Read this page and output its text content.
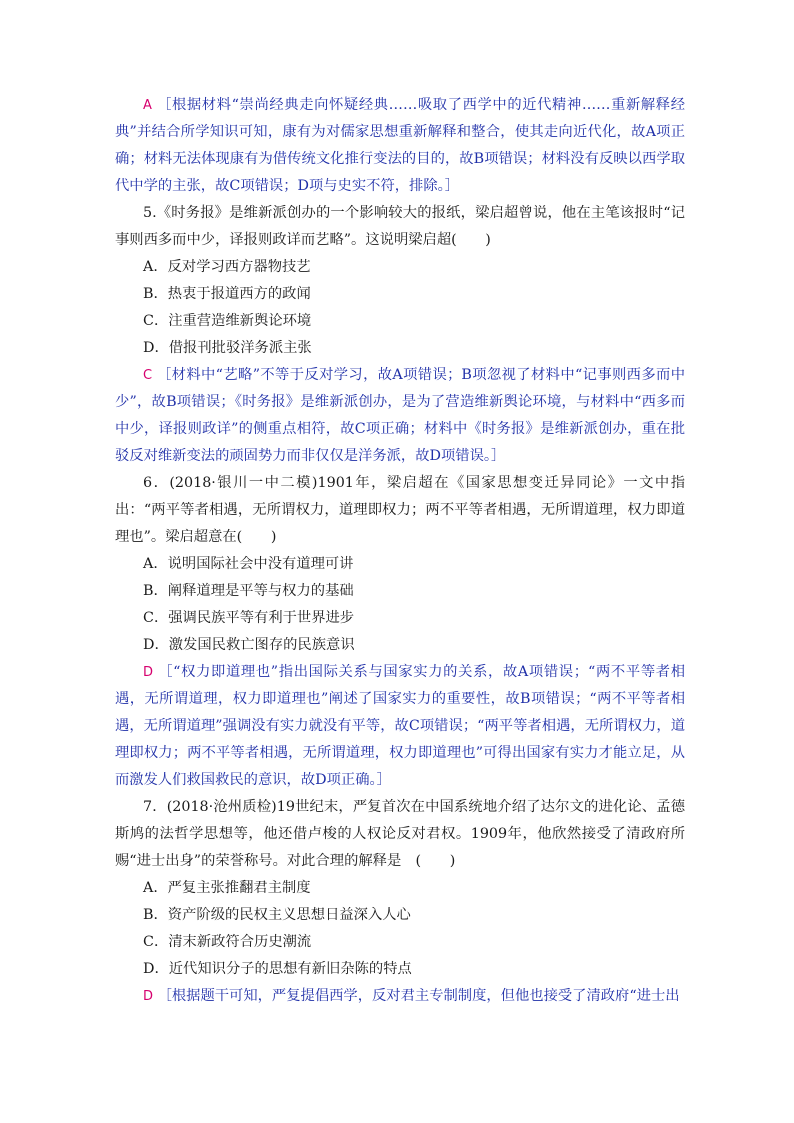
A ［根据材料“崇尚经典走向怀疑经典……吸取了西学中的近代精神……重新解释经典”并结合所学知识可知，康有为对儒家思想重新解释和整合，使其走向近代化，故A项正确；材料无法体现康有为借传统文化推行变法的目的，故B项错误；材料没有反映以西学取代中学的主张，故C项错误；D项与史实不符，排除。］

5.《时务报》是维新派创办的一个影响较大的报纸，梁启超曾说，他在主笔该报时“记事则西多而中少，译报则政详而艺略”。这说明梁启超(　　)

A．反对学习西方器物技艺

B．热衷于报道西方的政闻

C．注重营造维新舆论环境

D．借报刊批驳洋务派主张

C ［材料中“艺略”不等于反对学习，故A项错误；B项忽视了材料中“记事则西多而中少”，故B项错误；《时务报》是维新派创办，是为了营造维新舆论环境，与材料中“西多而中少，译报则政详”的侧重点相符，故C项正确；材料中《时务报》是维新派创办，重在批驳反对维新变法的顽固势力而非仅仅是洋务派，故D项错误。］

6．(2018·银川一中二模)1901年，梁启超在《国家思想变迁异同论》一文中指出：“两平等者相遇，无所谓权力，道理即权力；两不平等者相遇，无所谓道理，权力即道理也”。梁启超意在(　　)

A．说明国际社会中没有道理可讲

B．阐释道理是平等与权力的基础

C．强调民族平等有利于世界进步

D．激发国民救亡图存的民族意识

D ［“权力即道理也”指出国际关系与国家实力的关系，故A项错误；“两不平等者相遇，无所谓道理，权力即道理也”阐述了国家实力的重要性，故B项错误；“两不平等者相遇，无所谓道理”强调没有实力就没有平等，故C项错误；“两平等者相遇，无所谓权力，道理即权力；两不平等者相遇，无所谓道理，权力即道理也”可得出国家有实力才能立足，从而激发人们救国救民的意识，故D项正确。］

7．(2018·沧州质检)19世纪末，严复首次在中国系统地介绍了达尔文的进化论、孟德斯鸠的法哲学思想等，他还借卢梭的人权论反对君权。1909年，他欣然接受了清政府所赐“进士出身”的荣誉称号。对此合理的解释是　(　　)

A．严复主张推翻君主制度

B．资产阶级的民权主义思想日益深入人心

C．清末新政符合历史潮流

D．近代知识分子的思想有新旧杂陈的特点

D ［根据题干可知，严复提倡西学，反对君主专制制度，但他也接受了清政府“进士出
